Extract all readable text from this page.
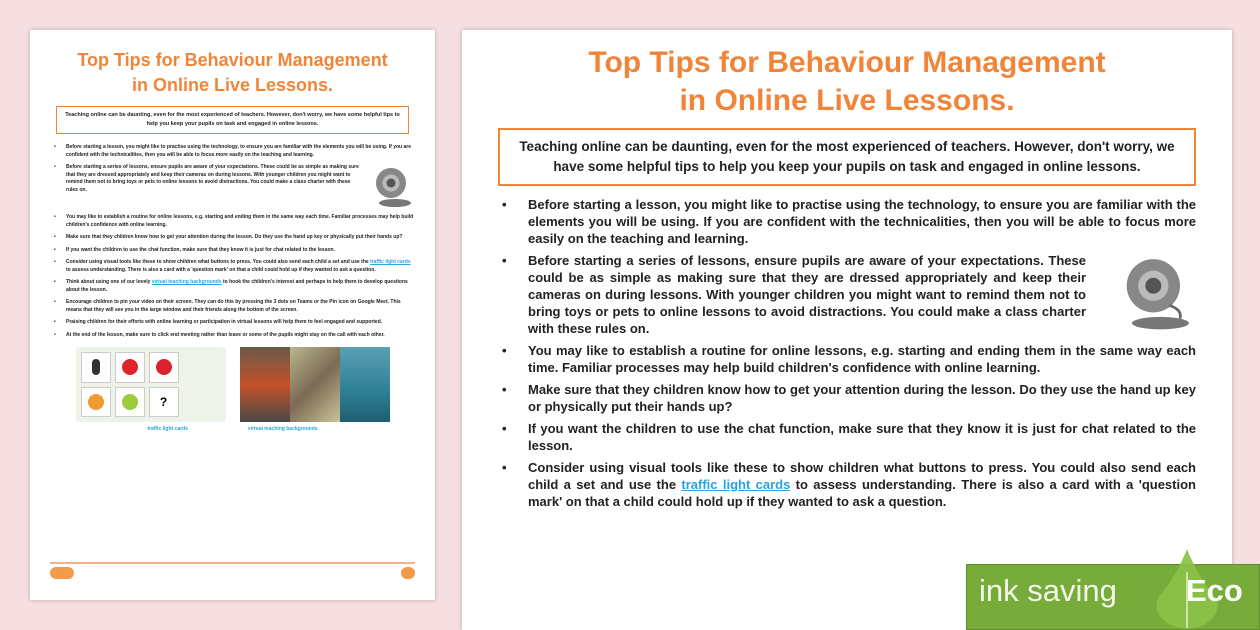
Top Tips for Behaviour Management
in Online Live Lessons.
Teaching online can be daunting, even for the most experienced of teachers. However, don't worry, we have some helpful tips to help you keep your pupils on task and engaged in online lessons.
• Before starting a lesson, you might like to practise using the technology, to ensure you are familiar with the elements you will be using. If you are confident with the technicalities, then you will be able to focus more easily on the teaching and learning.
• Before starting a series of lessons, ensure pupils are aware of your expectations. These could be as simple as making sure that they are dressed appropriately and keep their cameras on during lessons. With younger children you might want to remind them not to bring toys or pets to online lessons to avoid distractions. You could make a class charter with these rules on.
• You may like to establish a routine for online lessons, e.g. starting and ending them in the same way each time. Familiar processes may help build children's confidence with online learning.
• Make sure that they children know how to get your attention during the lesson. Do they use the hand up key or physically put their hands up?
• If you want the children to use the chat function, make sure that they know it is just for chat related to the lesson.
• Consider using visual tools like these to show children what buttons to press. You could also send each child a set and use the traffic light cards to assess understanding. There is also a card with a 'question mark' on that a child could hold up if they wanted to ask a question.
• Think about using one of our lovely virtual teaching backgrounds to hook the children's interest and perhaps to help them to develop questions about the lesson.
• Encourage children to pin your video on their screen. They can do this by pressing the 3 dots on Teams or the Pin icon on Google Meet. This means that they will see you in the large window and their friends along the bottom of the screen.
• Praising children for their efforts with online learning or participation in virtual lessons will help them to feel engaged and supported.
• At the end of the lesson, make sure to click end meeting rather than leave or some of the pupils might stay on the call with each other.
?
traffic light cards	virtual teaching backgrounds
Top Tips for Behaviour Management
in Online Live Lessons.
Teaching online can be daunting, even for the most experienced of teachers. However, don't worry, we have some helpful tips to help you keep your pupils on task and engaged in online lessons.
• Before starting a lesson, you might like to practise using the technology, to ensure you are familiar with the elements you will be using. If you are confident with the technicalities, then you will be able to focus more easily on the teaching and learning.
• Before starting a series of lessons, ensure pupils are aware of your expectations. These could be as simple as making sure that they are dressed appropriately and keep their cameras on during lessons. With younger children you might want to remind them not to bring toys or pets to online lessons to avoid distractions. You could make a class charter with these rules on.
• You may like to establish a routine for online lessons, e.g. starting and ending them in the same way each time. Familiar processes may help build children's confidence with online learning.
• Make sure that they children know how to get your attention during the lesson. Do they use the hand up key or physically put their hands up?
• If you want the children to use the chat function, make sure that they know it is just for chat related to the lesson.
• Consider using visual tools like these to show children what buttons to press. You could also send each child a set and use the traffic light cards to assess understanding. There is also a card with a 'question mark' on that a child could hold up if they wanted to ask a question.
ink saving Eco
